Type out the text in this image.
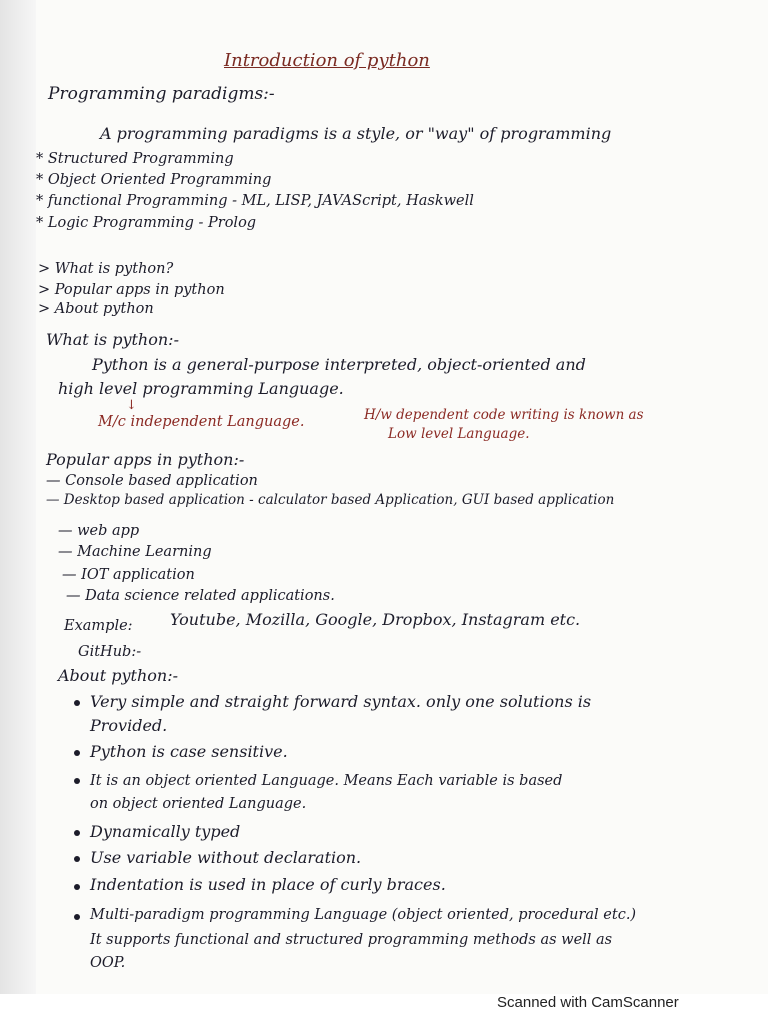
Introduction of python
Programming paradigms:-
A programming paradigms is a style, or "way" of programming
* Structured Programming
* Object Oriented Programming
* functional Programming - ML, LISP, JAVAScript, Haskwell
* Logic Programming - Prolog
> What is python?
> Popular apps in python
> About python
What is python:-
Python is a general-purpose interpreted, object-oriented and
high level programming Language.
↓
M/c independent Language.	H/w dependent code writing is known as
Low level Language.
Popular apps in python:-
— Console based application
— Desktop based application - calculator based Application, GUI based application
— web app
— Machine Learning
— IOT application
— Data science related applications.
Example: Youtube, Mozilla, Google, Dropbox, Instagram etc.
GitHub:-
About python:-
Very simple and straight forward syntax. only one solutions is
Provided.
Python is case sensitive.
It is an object oriented Language. Means Each variable is based
on object oriented Language.
Dynamically typed
Use variable without declaration.
Indentation is used in place of curly braces.
Multi-paradigm programming Language (object oriented, procedural etc.)
It supports functional and structured programming methods as well as
OOP.
Scanned with CamScanner
